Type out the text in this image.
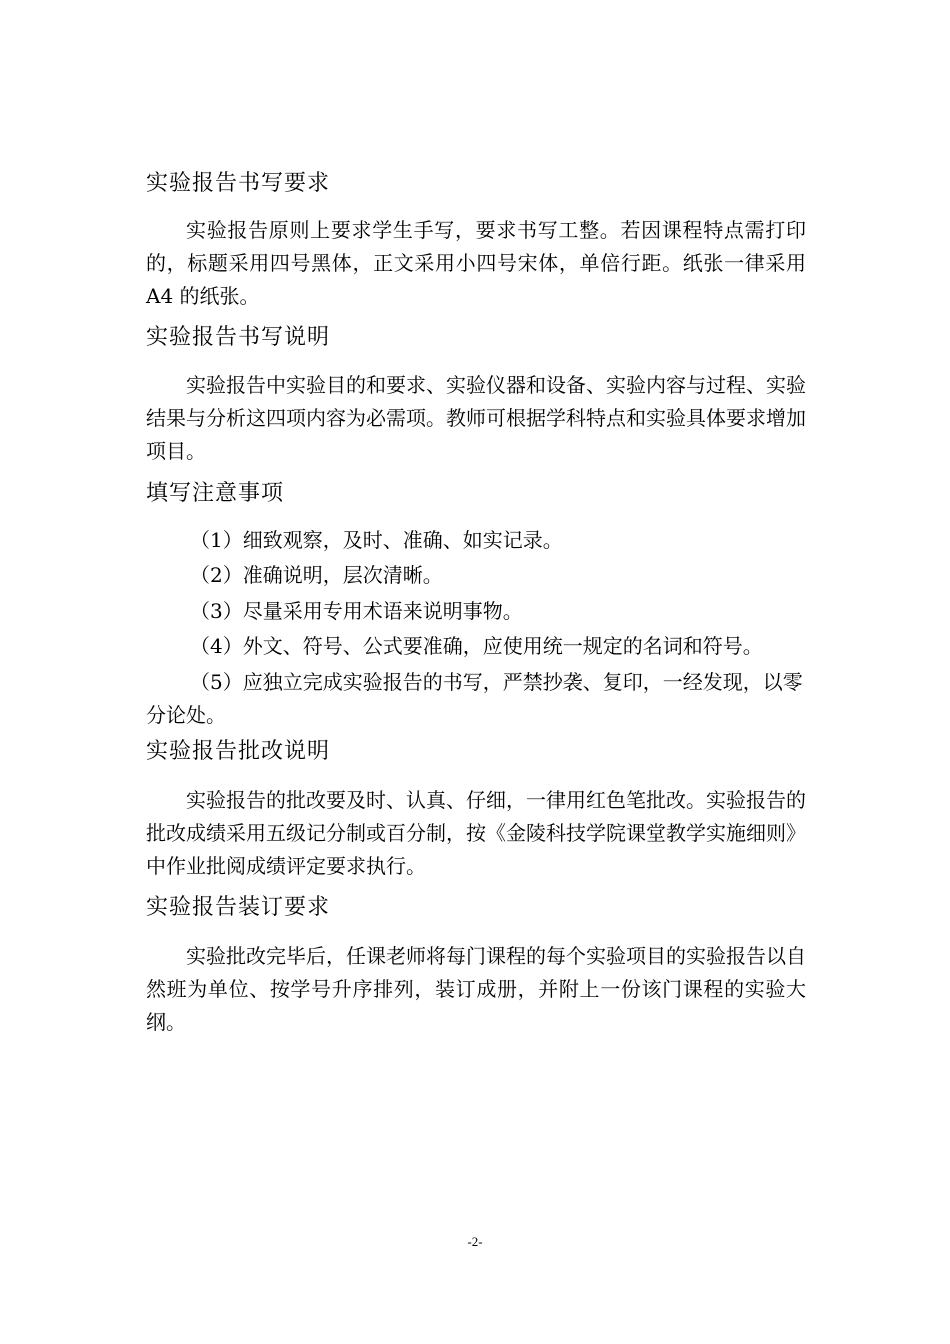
实验报告书写要求

实验报告原则上要求学生手写，要求书写工整。若因课程特点需打印的，标题采用四号黑体，正文采用小四号宋体，单倍行距。纸张一律采用 A4 的纸张。

实验报告书写说明

实验报告中实验目的和要求、实验仪器和设备、实验内容与过程、实验结果与分析这四项内容为必需项。教师可根据学科特点和实验具体要求增加项目。

填写注意事项

（1）细致观察，及时、准确、如实记录。

（2）准确说明，层次清晰。

（3）尽量采用专用术语来说明事物。

（4）外文、符号、公式要准确，应使用统一规定的名词和符号。

（5）应独立完成实验报告的书写，严禁抄袭、复印，一经发现，以零分论处。

实验报告批改说明

实验报告的批改要及时、认真、仔细，一律用红色笔批改。实验报告的批改成绩采用五级记分制或百分制，按《金陵科技学院课堂教学实施细则》中作业批阅成绩评定要求执行。

实验报告装订要求

实验批改完毕后，任课老师将每门课程的每个实验项目的实验报告以自然班为单位、按学号升序排列，装订成册，并附上一份该门课程的实验大纲。

-2-
